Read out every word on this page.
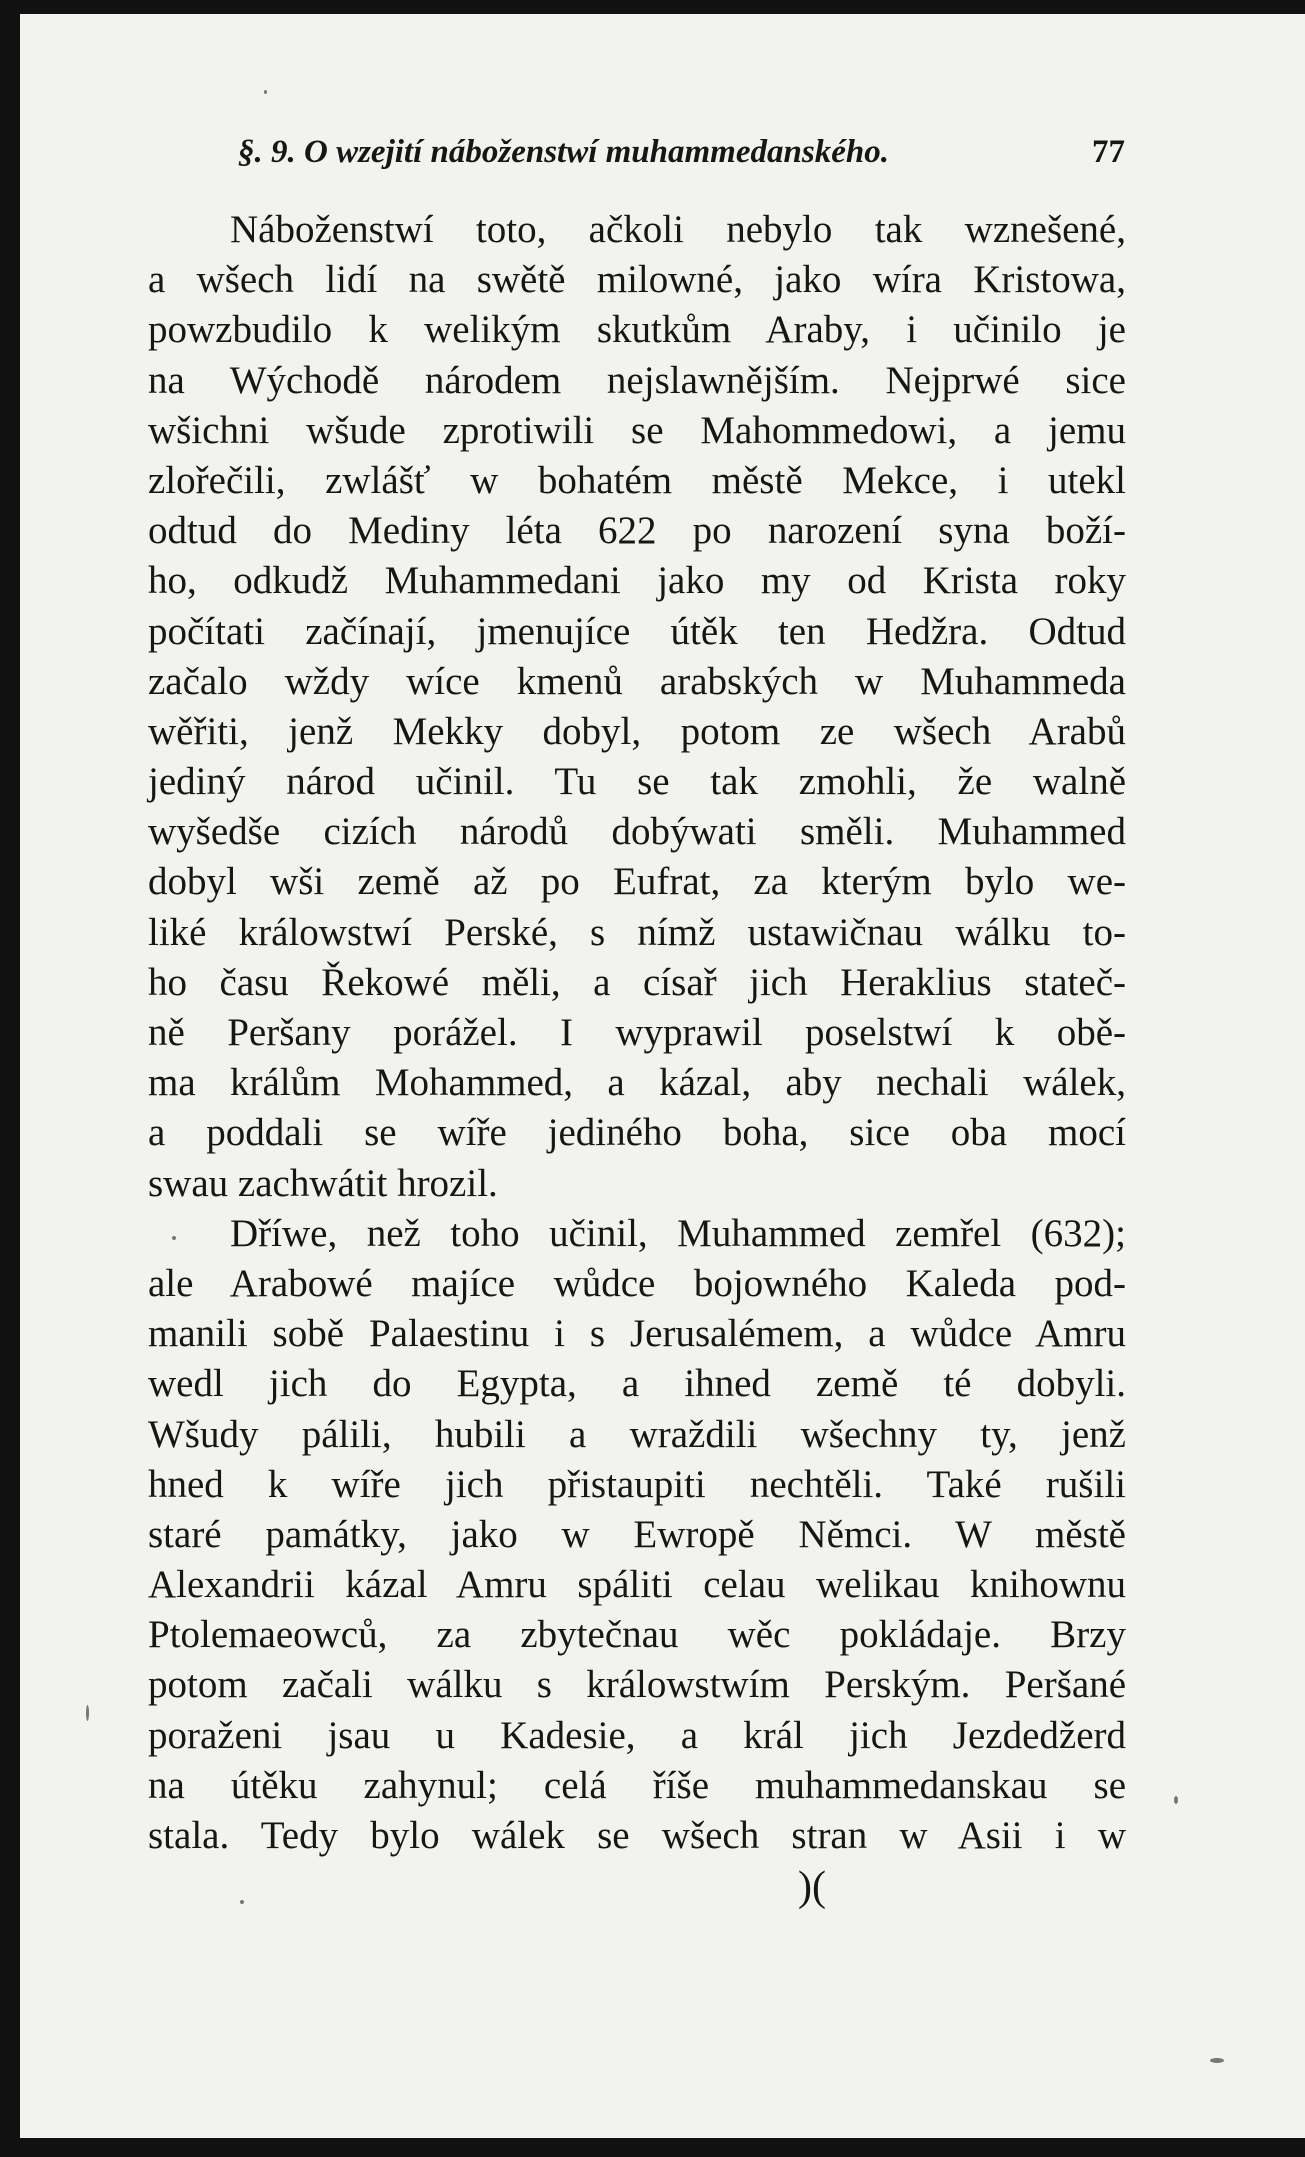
§. 9. O wzejití náboženstwí muhammedanského.	77
Náboženstwí toto, ačkoli nebylo tak wznešené,
a wšech lidí na swětě milowné, jako wíra Kristowa,
powzbudilo k welikým skutkům Araby, i učinilo je
na Wýchodě národem nejslawnějším. Nejprwé sice
wšichni wšude zprotiwili se Mahommedowi, a jemu
zlořečili, zwlášť w bohatém městě Mekce, i utekl
odtud do Mediny léta 622 po narození syna boží-
ho, odkudž Muhammedani jako my od Krista roky
počítati začínají, jmenujíce útěk ten Hedžra. Odtud
začalo wždy wíce kmenů arabských w Muhammeda
wěřiti, jenž Mekky dobyl, potom ze wšech Arabů
jediný národ učinil. Tu se tak zmohli, že walně
wyšedše cizích národů dobýwati směli. Muhammed
dobyl wši země až po Eufrat, za kterým bylo we-
liké králowstwí Perské, s nímž ustawičnau wálku to-
ho času Řekowé měli, a císař jich Heraklius stateč-
ně Peršany porážel. I wyprawil poselstwí k obě-
ma králům Mohammed, a kázal, aby nechali wálek,
a poddali se wíře jediného boha, sice oba mocí
swau zachwátit hrozil.
Dříwe, než toho učinil, Muhammed zemřel (632);
ale Arabowé majíce wůdce bojowného Kaleda pod-
manili sobě Palaestinu i s Jerusalémem, a wůdce Amru
wedl jich do Egypta, a ihned země té dobyli.
Wšudy pálili, hubili a wraždili wšechny ty, jenž
hned k wíře jich přistaupiti nechtěli. Také rušili
staré památky, jako w Ewropě Němci. W městě
Alexandrii kázal Amru spáliti celau welikau knihownu
Ptolemaeowců, za zbytečnau wěc pokládaje. Brzy
potom začali wálku s králowstwím Perským. Peršané
poraženi jsau u Kadesie, a král jich Jezdedžerd
na útěku zahynul; celá říše muhammedanskau se
stala. Tedy bylo wálek se wšech stran w Asii i w
)(
